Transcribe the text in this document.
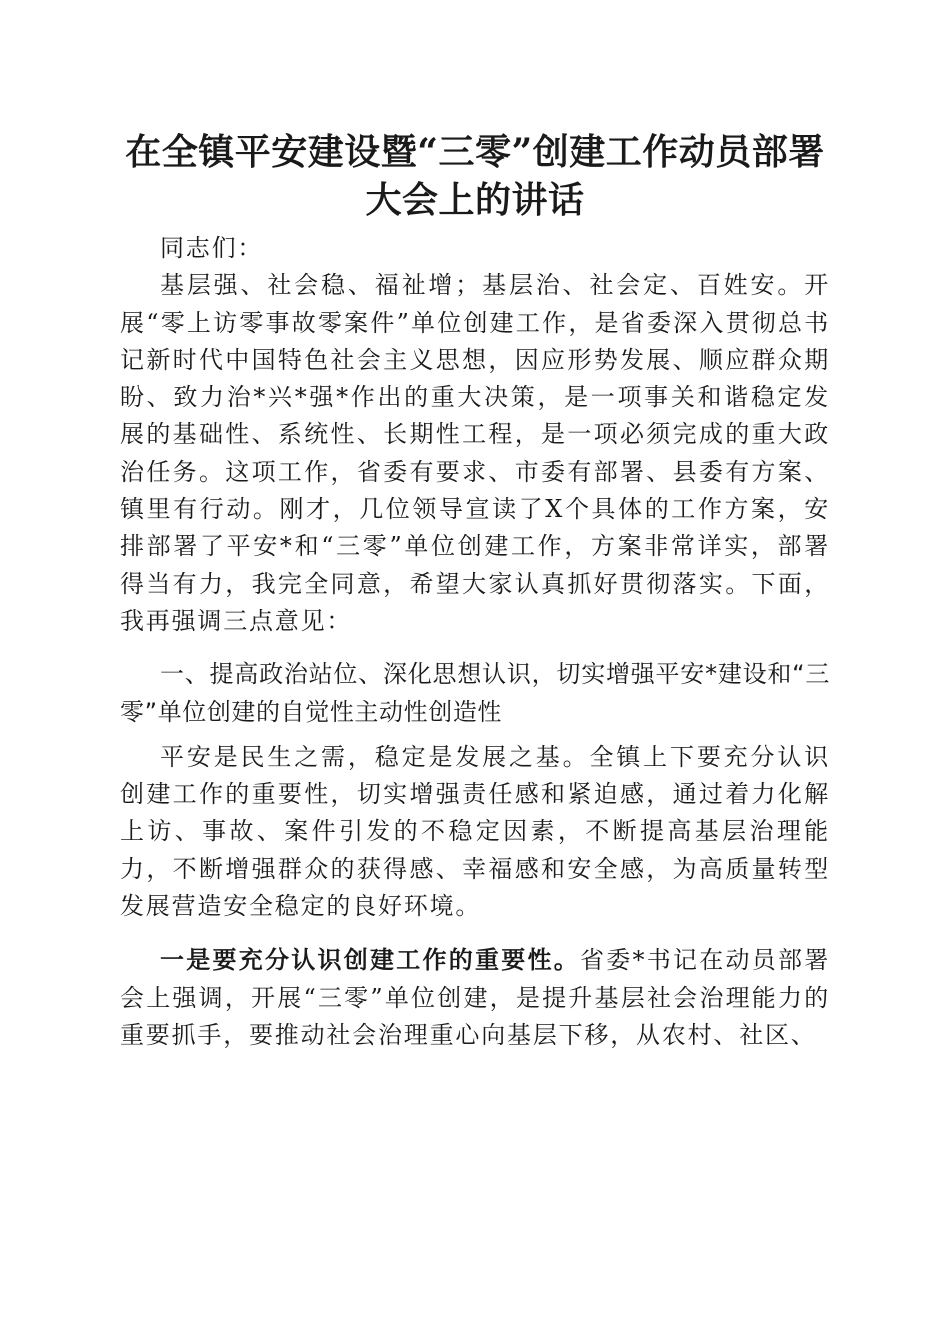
在全镇平安建设暨“三零”创建工作动员部署
大会上的讲话

同志们：

基层强、社会稳、福祉增；基层治、社会定、百姓安。开展“零上访零事故零案件”单位创建工作，是省委深入贯彻总书记新时代中国特色社会主义思想，因应形势发展、顺应群众期盼、致力治*兴*强*作出的重大决策，是一项事关和谐稳定发展的基础性、系统性、长期性工程，是一项必须完成的重大政治任务。这项工作，省委有要求、市委有部署、县委有方案、镇里有行动。刚才，几位领导宣读了X个具体的工作方案，安排部署了平安*和“三零”单位创建工作，方案非常详实，部署得当有力，我完全同意，希望大家认真抓好贯彻落实。下面，我再强调三点意见：

一、提高政治站位、深化思想认识，切实增强平安*建设和“三零”单位创建的自觉性主动性创造性

平安是民生之需，稳定是发展之基。全镇上下要充分认识创建工作的重要性，切实增强责任感和紧迫感，通过着力化解上访、事故、案件引发的不稳定因素，不断提高基层治理能力，不断增强群众的获得感、幸福感和安全感，为高质量转型发展营造安全稳定的良好环境。

一是要充分认识创建工作的重要性。省委*书记在动员部署会上强调，开展“三零”单位创建，是提升基层社会治理能力的重要抓手，要推动社会治理重心向基层下移，从农村、社区、
